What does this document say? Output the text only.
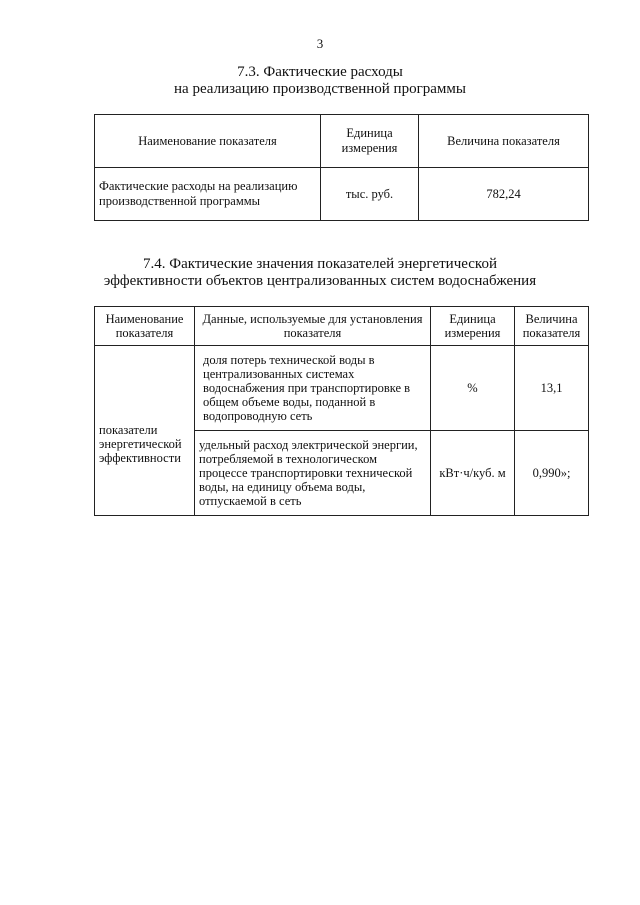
3
7.3. Фактические расходы
на реализацию производственной программы
Наименование показателя	Единица измерения	Величина показателя
Фактические расходы на реализацию производственной программы	тыс. руб.	782,24
7.4. Фактические значения показателей энергетической
эффективности объектов централизованных систем водоснабжения
Наименование показателя	Данные, используемые для установления показателя	Единица измерения	Величина показателя
показатели энергетической эффективности	доля потерь технической воды в централизованных системах водоснабжения при транспортировке в общем объеме воды, поданной в водопроводную сеть	%	13,1
	удельный расход электрической энергии, потребляемой в технологическом процессе транспортировки технической воды, на единицу объема воды, отпускаемой в сеть	кВт·ч/куб. м	0,990»;
